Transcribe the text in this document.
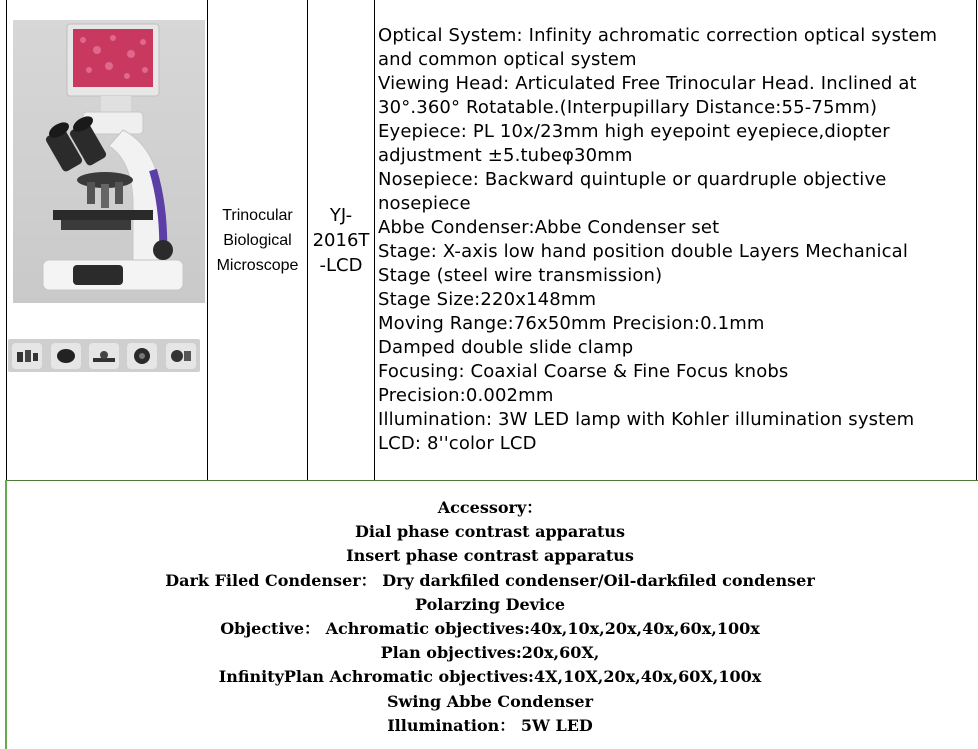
Trinocular
Biological
Microscope
YJ-
2016T
-LCD
Optical System: Infinity achromatic correction optical system
and common optical system
Viewing Head: Articulated Free Trinocular Head. Inclined at
30°.360° Rotatable.(Interpupillary Distance:55-75mm)
Eyepiece: PL 10x/23mm high eyepoint eyepiece,diopter
adjustment ±5.tubeφ30mm
Nosepiece: Backward quintuple or quardruple objective
nosepiece
Abbe Condenser:Abbe Condenser set
Stage: X-axis low hand position double Layers Mechanical
Stage (steel wire transmission)
Stage Size:220x148mm
Moving Range:76x50mm Precision:0.1mm
Damped double slide clamp
Focusing: Coaxial Coarse & Fine Focus knobs
Precision:0.002mm
Illumination: 3W LED lamp with Kohler illumination system
LCD: 8''color LCD
Accessory：
Dial phase contrast apparatus
Insert phase contrast apparatus
Dark Filed Condenser： Dry darkfiled condenser/Oil-darkfiled condenser
Polarzing Device
Objective： Achromatic objectives:40x,10x,20x,40x,60x,100x
Plan objectives:20x,60X,
InfinityPlan Achromatic objectives:4X,10X,20x,40x,60X,100x
Swing Abbe Condenser
Illumination： 5W LED
